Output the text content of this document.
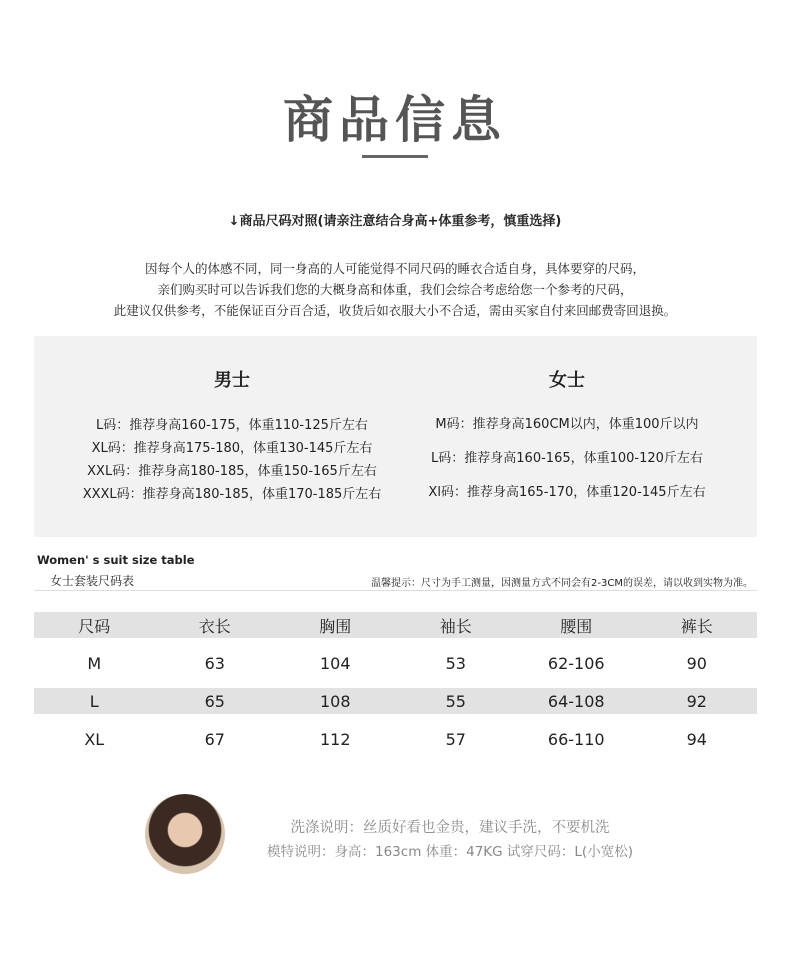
商品信息
↓商品尺码对照(请亲注意结合身高+体重参考，慎重选择)
因每个人的体感不同，同一身高的人可能觉得不同尺码的睡衣合适自身，具体要穿的尺码，
亲们购买时可以告诉我们您的大概身高和体重，我们会综合考虑给您一个参考的尺码，
此建议仅供参考，不能保证百分百合适，收货后如衣服大小不合适，需由买家自付来回邮费寄回退换。
男士
L码：推荐身高160-175，体重110-125斤左右
XL码：推荐身高175-180，体重130-145斤左右
XXL码：推荐身高180-185，体重150-165斤左右
XXXL码：推荐身高180-185，体重170-185斤左右
女士
M码：推荐身高160CM以内，体重100斤以内
L码：推荐身高160-165，体重100-120斤左右
Xl码：推荐身高165-170，体重120-145斤左右
Women' s suit size table
女士套装尺码表	温馨提示：尺寸为手工测量，因测量方式不同会有2-3CM的误差，请以收到实物为准。
尺码	衣长	胸围	袖长	腰围	裤长
M	63	104	53	62-106	90
L	65	108	55	64-108	92
XL	67	112	57	66-110	94
洗涤说明：丝质好看也金贵，建议手洗，不要机洗
模特说明：身高：163cm 体重：47KG 试穿尺码：L(小宽松)
